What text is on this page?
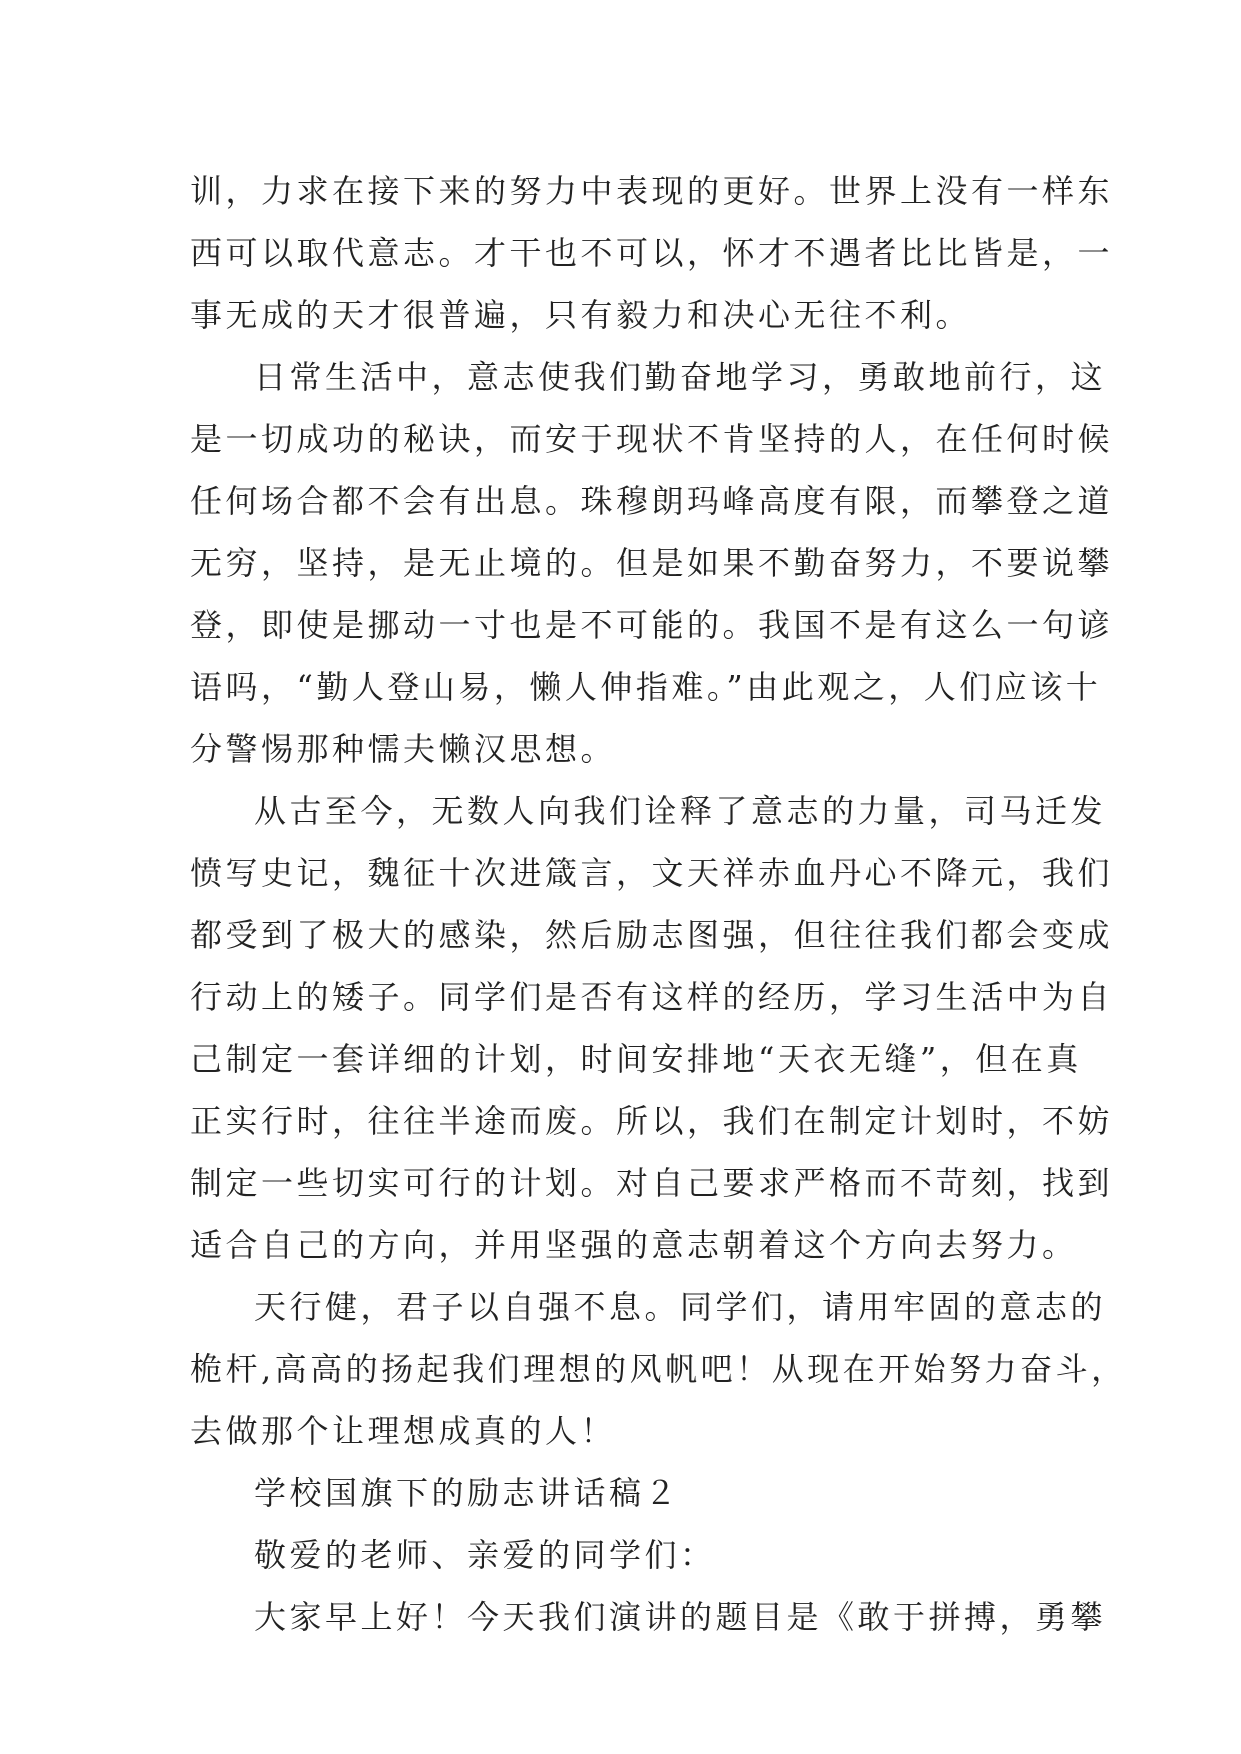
训，力求在接下来的努力中表现的更好。世界上没有一样东
西可以取代意志。才干也不可以，怀才不遇者比比皆是，一
事无成的天才很普遍，只有毅力和决心无往不利。

日常生活中，意志使我们勤奋地学习，勇敢地前行，这
是一切成功的秘诀，而安于现状不肯坚持的人，在任何时候
任何场合都不会有出息。珠穆朗玛峰高度有限，而攀登之道
无穷，坚持，是无止境的。但是如果不勤奋努力，不要说攀
登，即使是挪动一寸也是不可能的。我国不是有这么一句谚
语吗，“勤人登山易，懒人伸指难。”由此观之，人们应该十
分警惕那种懦夫懒汉思想。

从古至今，无数人向我们诠释了意志的力量，司马迁发
愤写史记，魏征十次进箴言，文天祥赤血丹心不降元，我们
都受到了极大的感染，然后励志图强，但往往我们都会变成
行动上的矮子。同学们是否有这样的经历，学习生活中为自
己制定一套详细的计划，时间安排地“天衣无缝”，但在真
正实行时，往往半途而废。所以，我们在制定计划时，不妨
制定一些切实可行的计划。对自己要求严格而不苛刻，找到
适合自己的方向，并用坚强的意志朝着这个方向去努力。

天行健，君子以自强不息。同学们，请用牢固的意志的
桅杆,高高的扬起我们理想的风帆吧！从现在开始努力奋斗，
去做那个让理想成真的人！

学校国旗下的励志讲话稿２

敬爱的老师、亲爱的同学们：

大家早上好！今天我们演讲的题目是《敢于拼搏，勇攀
